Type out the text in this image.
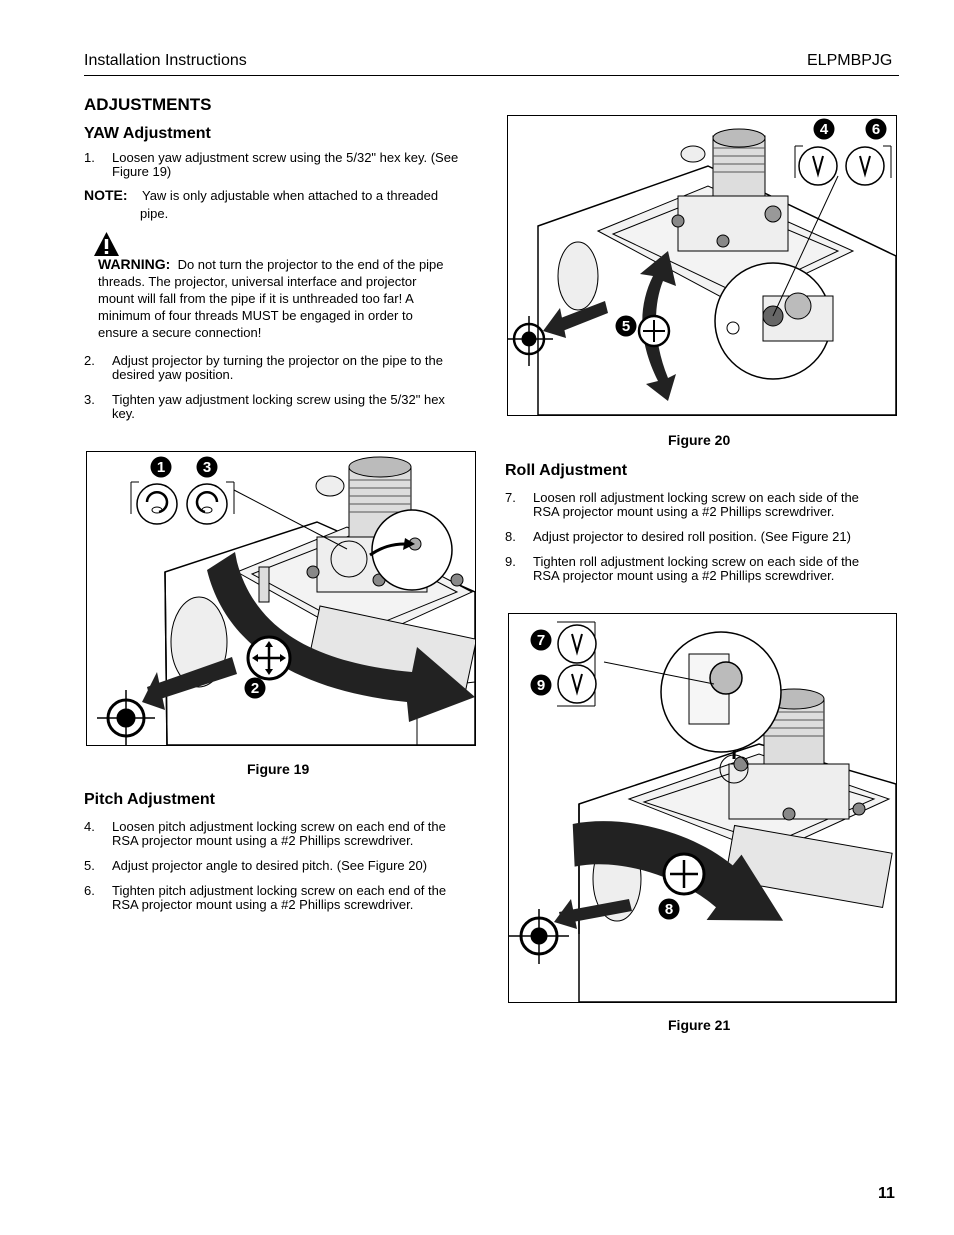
Installation Instructions	ELPMBPJG
ADJUSTMENTS
YAW Adjustment
1. Loosen yaw adjustment screw using the 5/32" hex key. (See
Figure 19)
NOTE: Yaw is only adjustable when attached to a threaded
pipe.
WARNING: Do not turn the projector to the end of the pipe
threads. The projector, universal interface and projector
mount will fall from the pipe if it is unthreaded too far! A
minimum of four threads MUST be engaged in order to
ensure a secure connection!
2. Adjust projector by turning the projector on the pipe to the
desired yaw position.
3. Tighten yaw adjustment locking screw using the 5/32" hex
key.
1	3
2
Figure 19
Pitch Adjustment
4. Loosen pitch adjustment locking screw on each end of the
RSA projector mount using a #2 Phillips screwdriver.
5. Adjust projector angle to desired pitch. (See Figure 20)
6. Tighten pitch adjustment locking screw on each end of the
RSA projector mount using a #2 Phillips screwdriver.
4	6
5
Figure 20
Roll Adjustment
7. Loosen roll adjustment locking screw on each side of the
RSA projector mount using a #2 Phillips screwdriver.
8. Adjust projector to desired roll position. (See Figure 21)
9. Tighten roll adjustment locking screw on each side of the
RSA projector mount using a #2 Phillips screwdriver.
7
9
8
Figure 21
11
